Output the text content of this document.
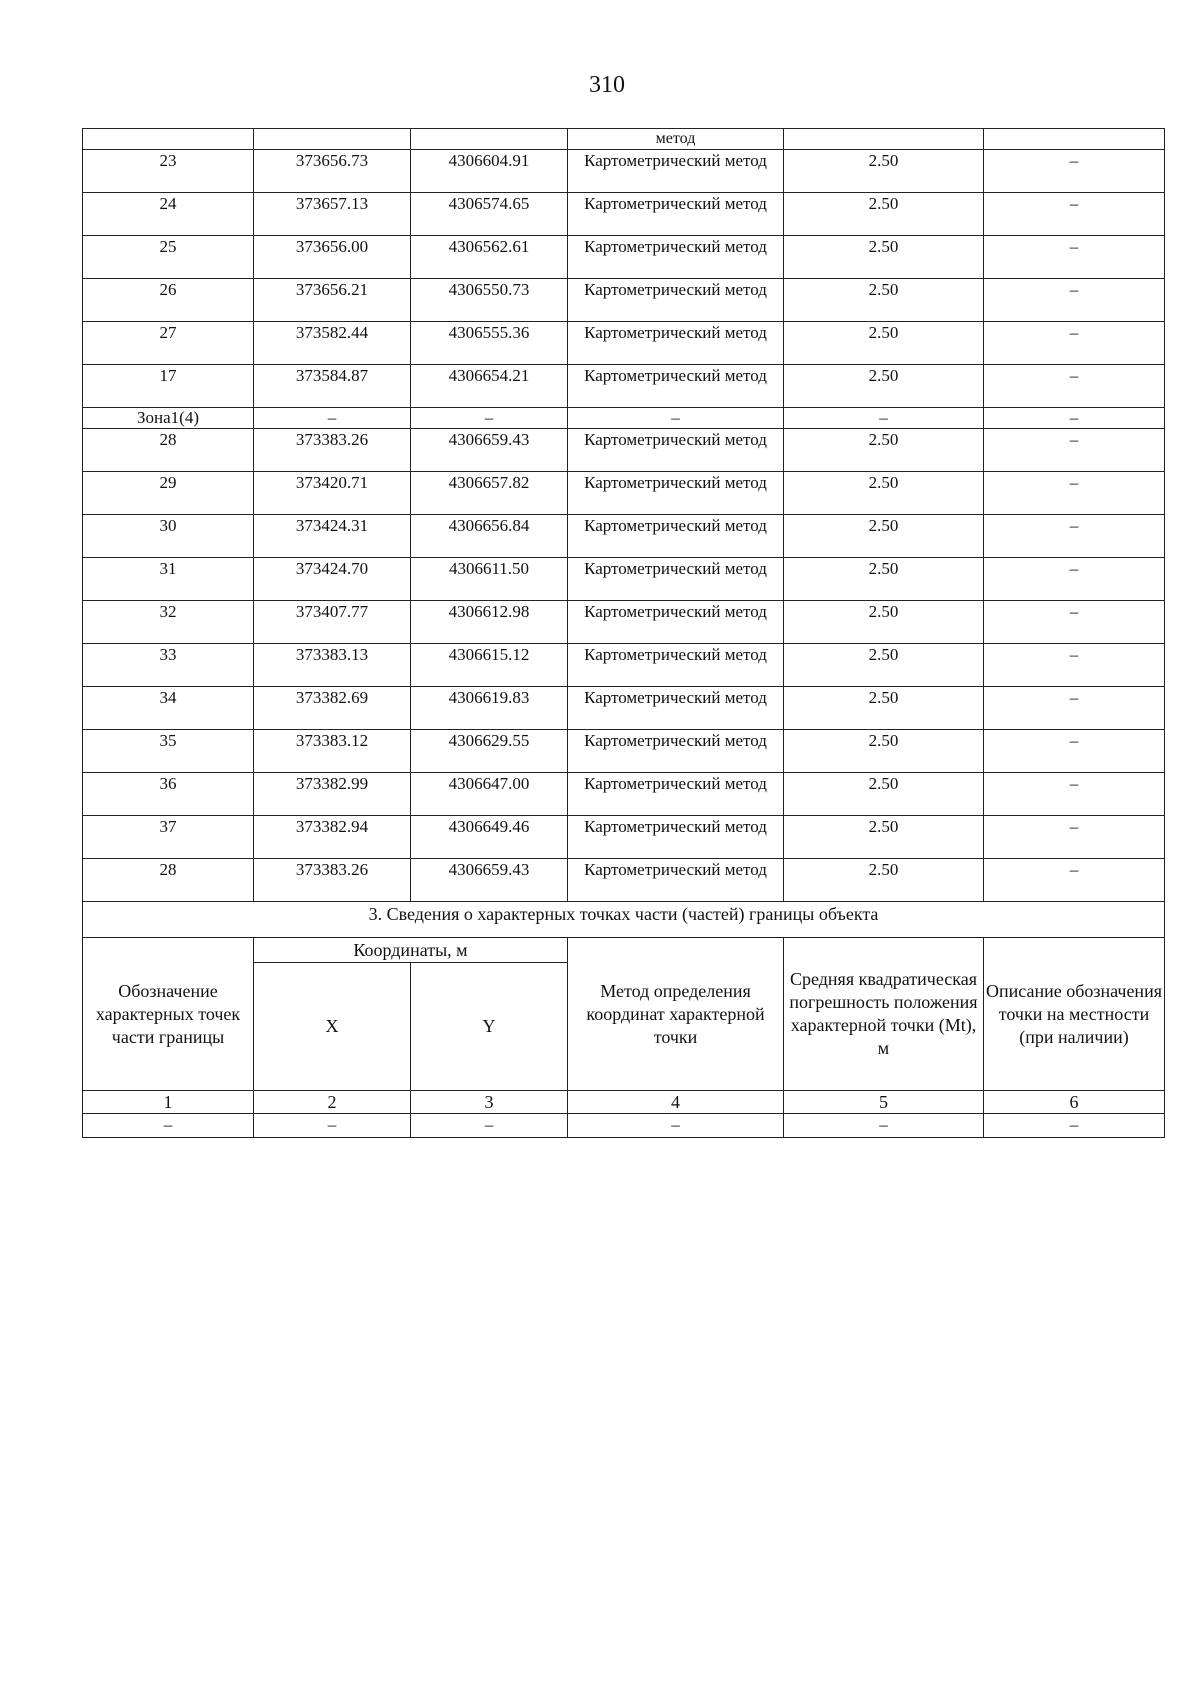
310
			метод		
23	373656.73	4306604.91	Картометрический метод	2.50	–
24	373657.13	4306574.65	Картометрический метод	2.50	–
25	373656.00	4306562.61	Картометрический метод	2.50	–
26	373656.21	4306550.73	Картометрический метод	2.50	–
27	373582.44	4306555.36	Картометрический метод	2.50	–
17	373584.87	4306654.21	Картометрический метод	2.50	–
Зона1(4)	–	–	–	–	–
28	373383.26	4306659.43	Картометрический метод	2.50	–
29	373420.71	4306657.82	Картометрический метод	2.50	–
30	373424.31	4306656.84	Картометрический метод	2.50	–
31	373424.70	4306611.50	Картометрический метод	2.50	–
32	373407.77	4306612.98	Картометрический метод	2.50	–
33	373383.13	4306615.12	Картометрический метод	2.50	–
34	373382.69	4306619.83	Картометрический метод	2.50	–
35	373383.12	4306629.55	Картометрический метод	2.50	–
36	373382.99	4306647.00	Картометрический метод	2.50	–
37	373382.94	4306649.46	Картометрический метод	2.50	–
28	373383.26	4306659.43	Картометрический метод	2.50	–
3. Сведения о характерных точках части (частей) границы объекта					
Обозначение характерных точек части границы	Координаты, м		Метод определения координат характерной точки	Средняя квадратическая погрешность положения характерной точки (Mt), м	Описание обозначения точки на местности (при наличии)
	X	Y			
1	2	3	4	5	6
–	–	–	–	–	–
